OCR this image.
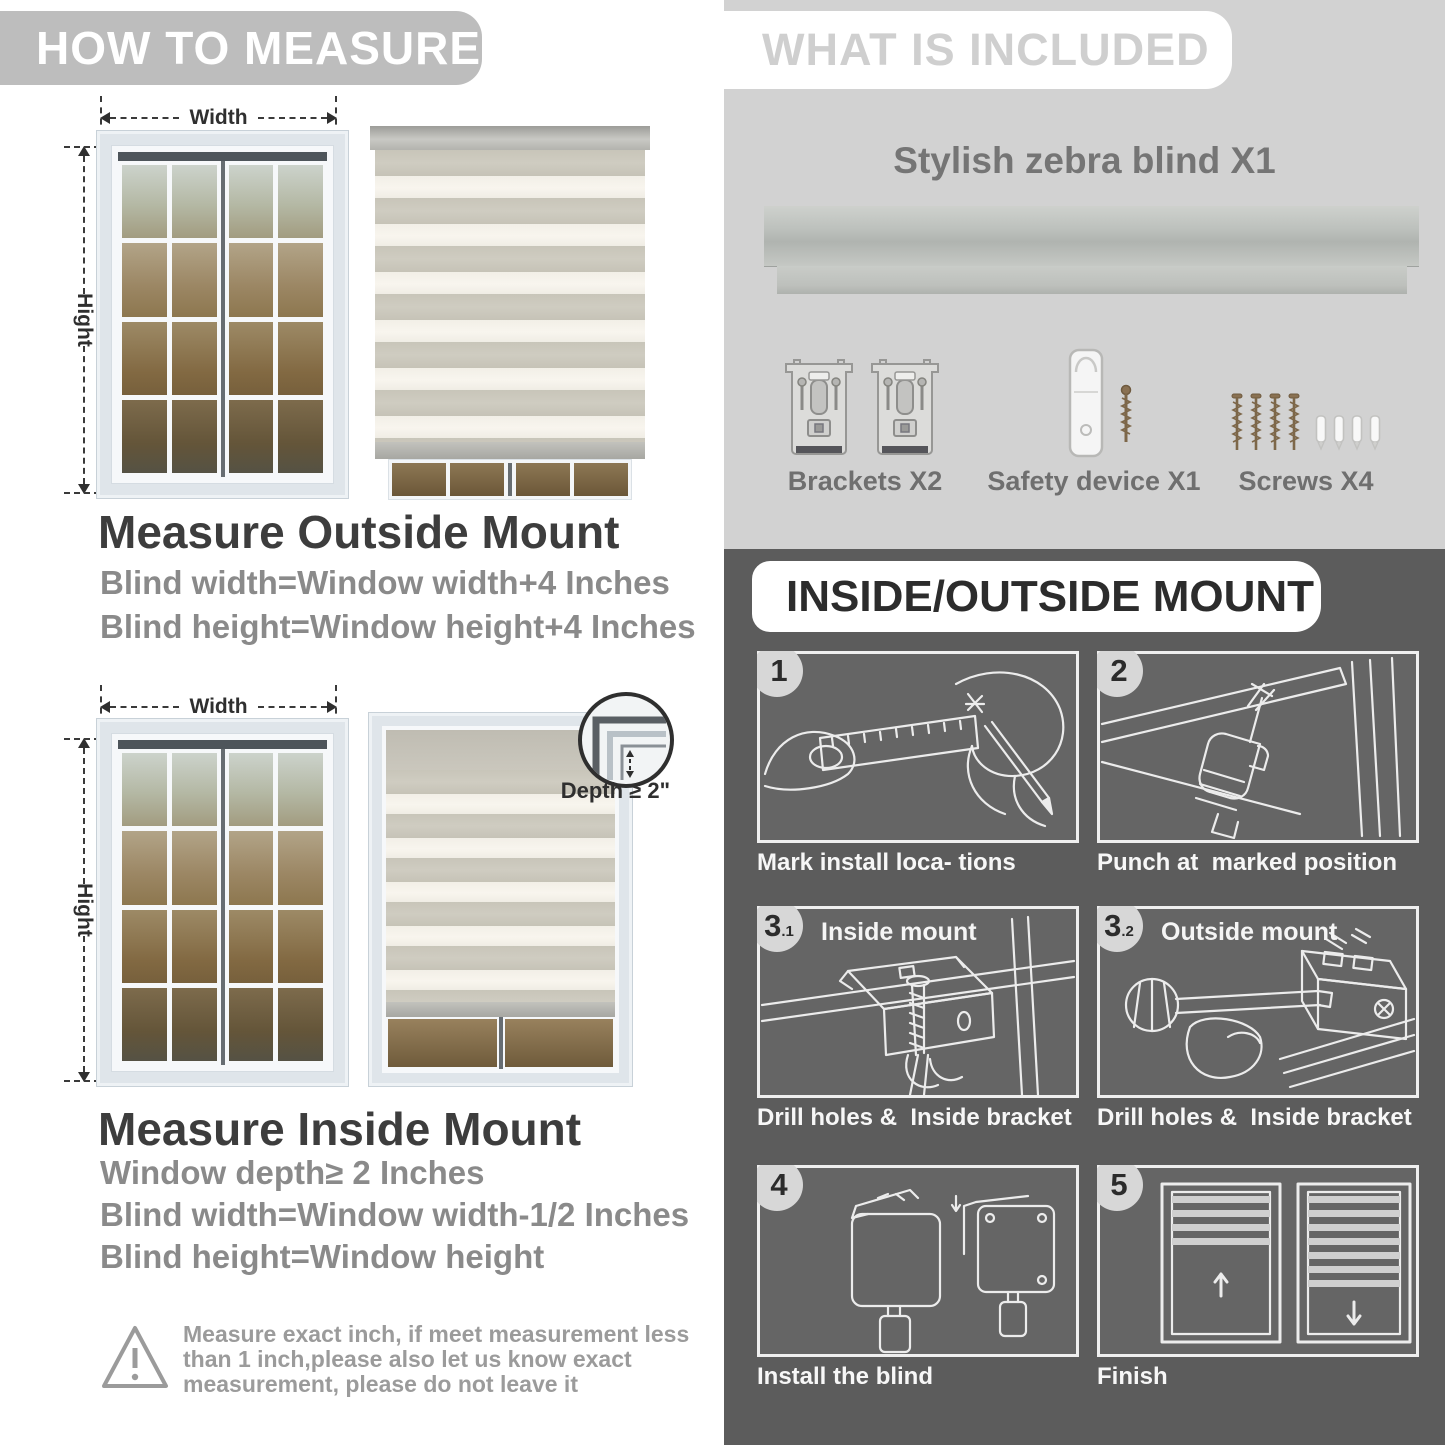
HOW TO MEASURE
Width
Hight
Measure Outside Mount
Blind width=Window width+4 Inches
Blind height=Window height+4 Inches
Width
Hight
Depth ≥ 2"
Measure Inside Mount
Window depth≥ 2 Inches
Blind width=Window width-1/2 Inches
Blind height=Window height
Measure exact inch, if meet measurement less
than 1 inch,please also let us know exact
measurement, please do not leave it
WHAT IS INCLUDED
Stylish zebra blind X1
Brackets X2	Safety device X1	Screws X4
INSIDE/OUTSIDE MOUNT
Mark install loca- tions
1
Punch at  marked position
2
Drill holes &  Inside bracket
3 .1 Inside mount
Drill holes &  Inside bracket
3 .2 Outside mount
Install the blind
4
Finish
5
